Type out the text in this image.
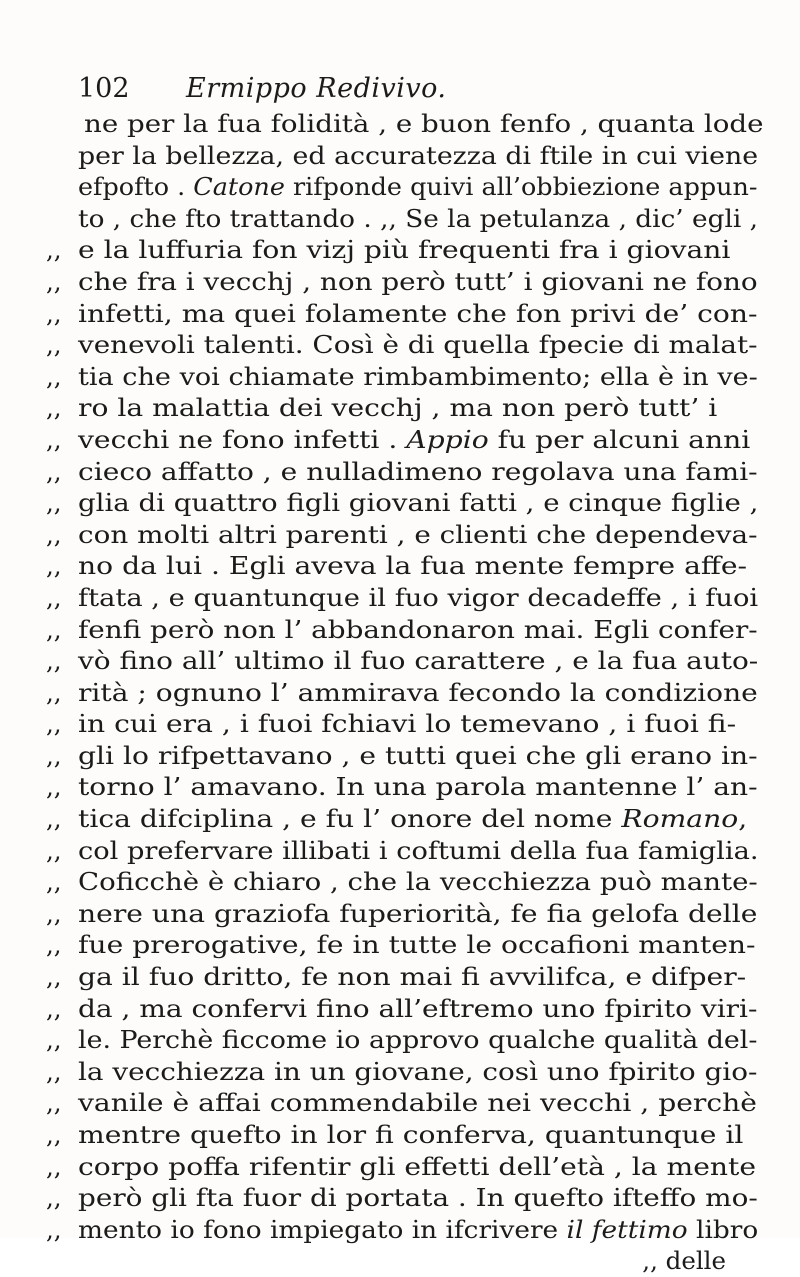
102 Ermippo Redivivo.
ne per la fua folidità , e buon fenfo , quanta lode
per la bellezza, ed accuratezza di ftile in cui viene
efpofto . Catone rifponde quivi all’obbiezione appun-
to , che fto trattando . ,, Se la petulanza , dic’ egli ,
,, e la luffuria fon vizj più frequenti fra i giovani
,, che fra i vecchj , non però tutt’ i giovani ne fono
,, infetti, ma quei folamente che fon privi de’ con-
,, venevoli talenti. Così è di quella fpecie di malat-
,, tia che voi chiamate rimbambimento; ella è in ve-
,, ro la malattia dei vecchj , ma non però tutt’ i
,, vecchi ne fono infetti . Appio fu per alcuni anni
,, cieco affatto , e nulladimeno regolava una fami-
,, glia di quattro figli giovani fatti , e cinque figlie ,
,, con molti altri parenti , e clienti che dependeva-
,, no da lui . Egli aveva la fua mente fempre affe-
,, ftata , e quantunque il fuo vigor decadeffe , i fuoi
,, fenfi però non l’ abbandonaron mai. Egli confer-
,, vò fino all’ ultimo il fuo carattere , e la fua auto-
,, rità ; ognuno l’ ammirava fecondo la condizione
,, in cui era , i fuoi fchiavi lo temevano , i fuoi fi-
,, gli lo rifpettavano , e tutti quei che gli erano in-
,, torno l’ amavano. In una parola mantenne l’ an-
,, tica difciplina , e fu l’ onore del nome Romano,
,, col prefervare illibati i coftumi della fua famiglia.
,, Coficchè è chiaro , che la vecchiezza può mante-
,, nere una graziofa fuperiorità, fe fia gelofa delle
,, fue prerogative, fe in tutte le occafioni manten-
,, ga il fuo dritto, fe non mai fi avvilifca, e difper-
,, da , ma confervi fino all’eftremo uno fpirito viri-
,, le. Perchè ficcome io approvo qualche qualità del-
,, la vecchiezza in un giovane, così uno fpirito gio-
,, vanile è affai commendabile nei vecchi , perchè
,, mentre quefto in lor fi conferva, quantunque il
,, corpo poffa rifentir gli effetti dell’età , la mente
,, però gli fta fuor di portata . In quefto ifteffo mo-
,, mento io fono impiegato in ifcrivere il fettimo libro
,, delle
